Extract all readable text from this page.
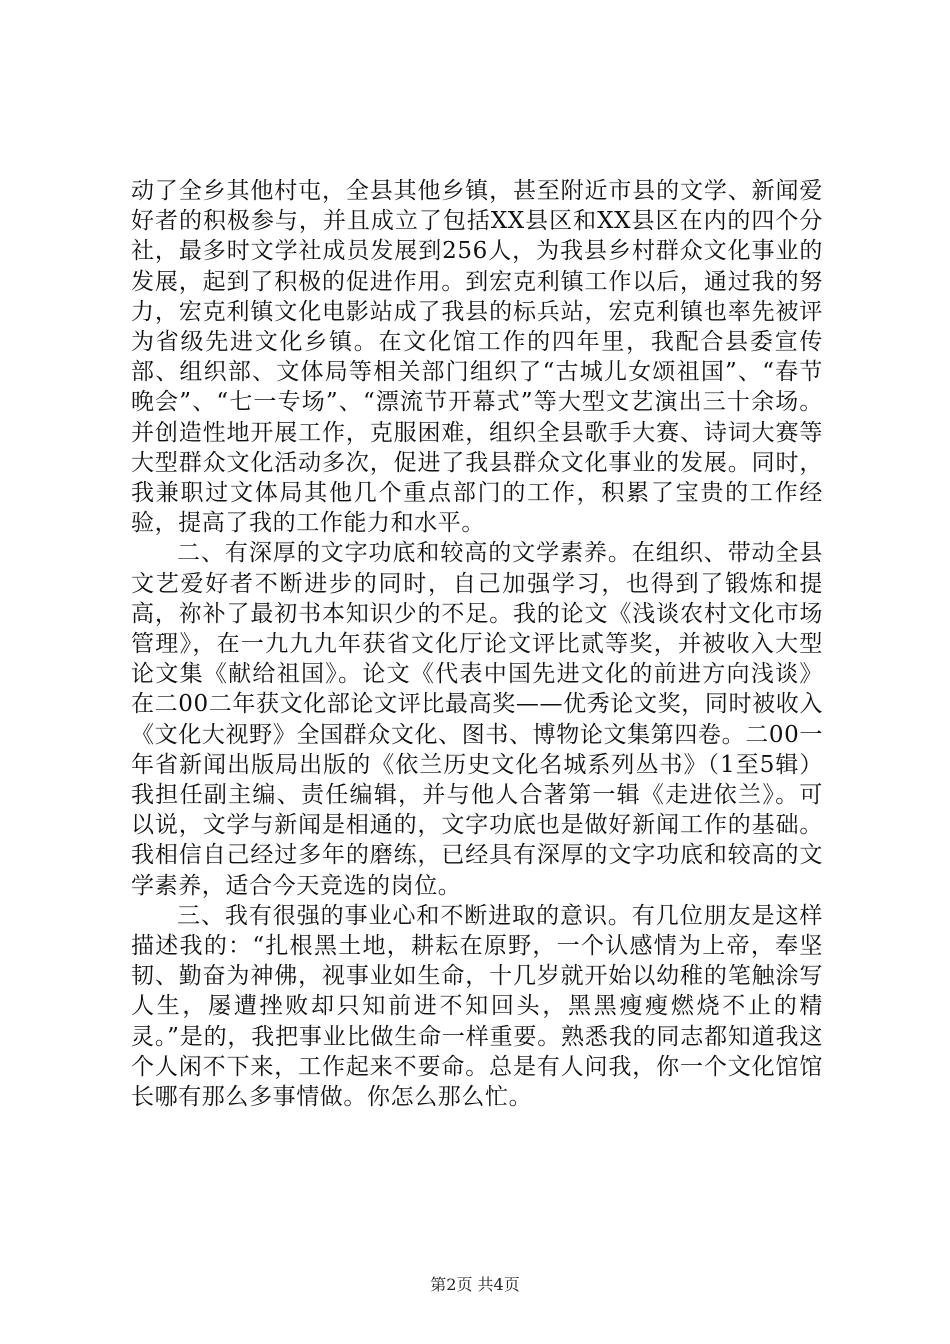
动了全乡其他村屯，全县其他乡镇，甚至附近市县的文学、新闻爱好者的积极参与，并且成立了包括XX县区和XX县区在内的四个分社，最多时文学社成员发展到256人，为我县乡村群众文化事业的发展，起到了积极的促进作用。到宏克利镇工作以后，通过我的努力，宏克利镇文化电影站成了我县的标兵站，宏克利镇也率先被评为省级先进文化乡镇。在文化馆工作的四年里，我配合县委宣传部、组织部、文体局等相关部门组织了“古城儿女颂祖国”、“春节晚会”、“七一专场”、“漂流节开幕式”等大型文艺演出三十余场。并创造性地开展工作，克服困难，组织全县歌手大赛、诗词大赛等大型群众文化活动多次，促进了我县群众文化事业的发展。同时，我兼职过文体局其他几个重点部门的工作，积累了宝贵的工作经验，提高了我的工作能力和水平。

二、有深厚的文字功底和较高的文学素养。在组织、带动全县文艺爱好者不断进步的同时，自己加强学习，也得到了锻炼和提高，祢补了最初书本知识少的不足。我的论文《浅谈农村文化市场管理》，在一九九九年获省文化厅论文评比贰等奖，并被收入大型论文集《献给祖国》。论文《代表中国先进文化的前进方向浅谈》在二00二年获文化部论文评比最高奖——优秀论文奖，同时被收入《文化大视野》全国群众文化、图书、博物论文集第四卷。二00一年省新闻出版局出版的《依兰历史文化名城系列丛书》（1至5辑）我担任副主编、责任编辑，并与他人合著第一辑《走进依兰》。可以说，文学与新闻是相通的，文字功底也是做好新闻工作的基础。我相信自己经过多年的磨练，已经具有深厚的文字功底和较高的文学素养，适合今天竞选的岗位。

三、我有很强的事业心和不断进取的意识。有几位朋友是这样描述我的：“扎根黑土地，耕耘在原野，一个认感情为上帝，奉坚韧、勤奋为神佛，视事业如生命，十几岁就开始以幼稚的笔触涂写人生，屡遭挫败却只知前进不知回头，黑黑瘦瘦燃烧不止的精灵。”是的，我把事业比做生命一样重要。熟悉我的同志都知道我这个人闲不下来，工作起来不要命。总是有人问我，你一个文化馆馆长哪有那么多事情做。你怎么那么忙。

第2页 共4页
